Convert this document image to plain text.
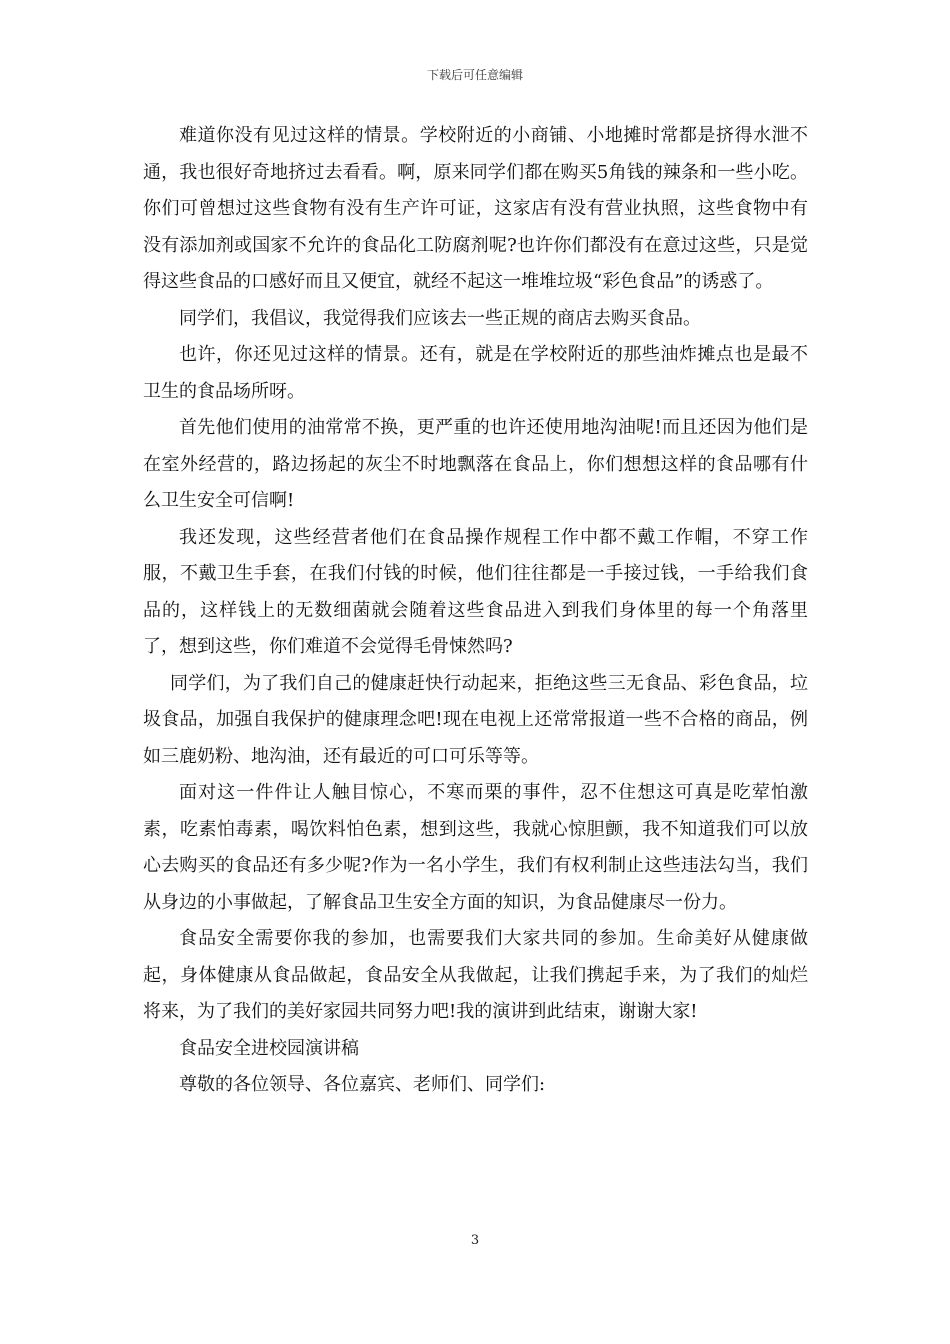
下载后可任意编辑

难道你没有见过这样的情景。学校附近的小商铺、小地摊时常都是挤得水泄不通，我也很好奇地挤过去看看。啊，原来同学们都在购买5角钱的辣条和一些小吃。你们可曾想过这些食物有没有生产许可证，这家店有没有营业执照，这些食物中有没有添加剂或国家不允许的食品化工防腐剂呢?也许你们都没有在意过这些，只是觉得这些食品的口感好而且又便宜，就经不起这一堆堆垃圾“彩色食品”的诱惑了。

同学们，我倡议，我觉得我们应该去一些正规的商店去购买食品。

也许，你还见过这样的情景。还有，就是在学校附近的那些油炸摊点也是最不卫生的食品场所呀。

首先他们使用的油常常不换，更严重的也许还使用地沟油呢!而且还因为他们是在室外经营的，路边扬起的灰尘不时地飘落在食品上，你们想想这样的食品哪有什么卫生安全可信啊!

我还发现，这些经营者他们在食品操作规程工作中都不戴工作帽，不穿工作服，不戴卫生手套，在我们付钱的时候，他们往往都是一手接过钱，一手给我们食品的，这样钱上的无数细菌就会随着这些食品进入到我们身体里的每一个角落里了，想到这些，你们难道不会觉得毛骨悚然吗?

同学们，为了我们自己的健康赶快行动起来，拒绝这些三无食品、彩色食品，垃圾食品，加强自我保护的健康理念吧!现在电视上还常常报道一些不合格的商品，例如三鹿奶粉、地沟油，还有最近的可口可乐等等。

面对这一件件让人触目惊心，不寒而栗的事件，忍不住想这可真是吃荤怕激素，吃素怕毒素，喝饮料怕色素，想到这些，我就心惊胆颤，我不知道我们可以放心去购买的食品还有多少呢?作为一名小学生，我们有权利制止这些违法勾当，我们从身边的小事做起，了解食品卫生安全方面的知识，为食品健康尽一份力。

食品安全需要你我的参加，也需要我们大家共同的参加。生命美好从健康做起，身体健康从食品做起，食品安全从我做起，让我们携起手来，为了我们的灿烂将来，为了我们的美好家园共同努力吧!我的演讲到此结束，谢谢大家!

食品安全进校园演讲稿

尊敬的各位领导、各位嘉宾、老师们、同学们:

3
